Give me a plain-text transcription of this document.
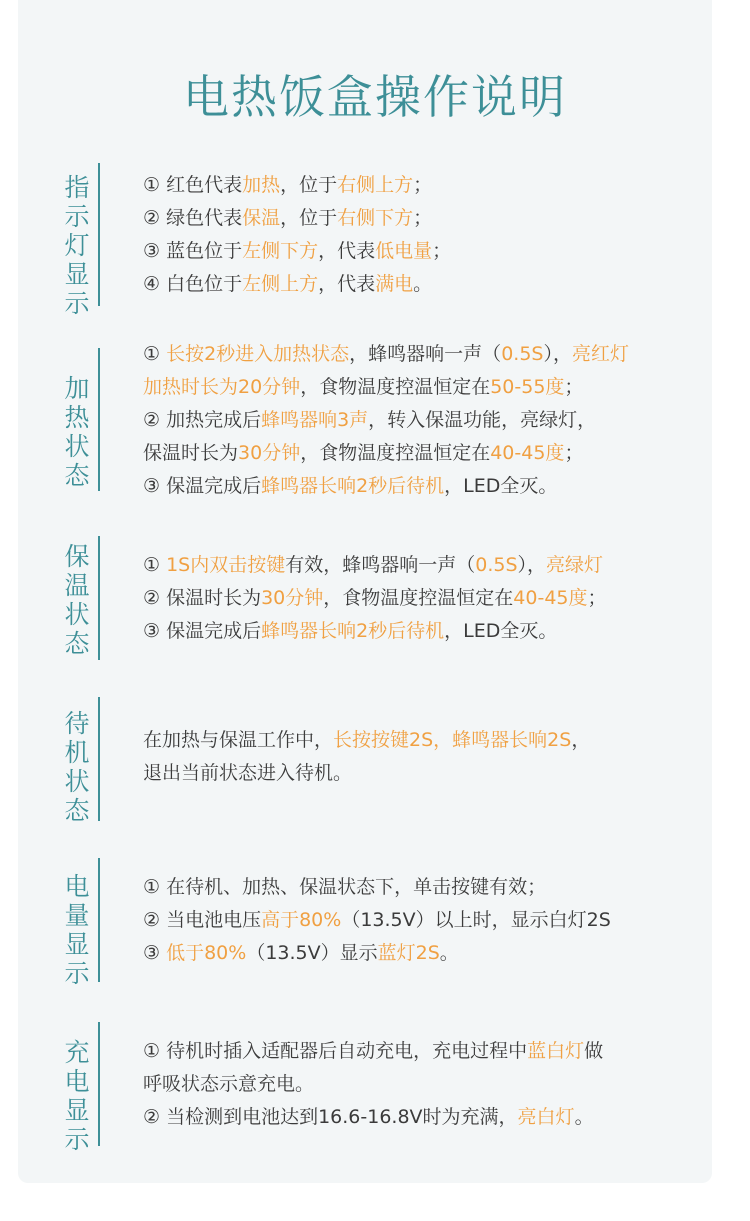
电热饭盒操作说明
指示灯显示
① 红色代表加热，位于右侧上方；
② 绿色代表保温，位于右侧下方；
③ 蓝色位于左侧下方，代表低电量；
④ 白色位于左侧上方，代表满电。
加热状态
① 长按2秒进入加热状态，蜂鸣器响一声（0.5S），亮红灯
加热时长为20分钟，食物温度控温恒定在50-55度；
② 加热完成后蜂鸣器响3声，转入保温功能，亮绿灯，
保温时长为30分钟，食物温度控温恒定在40-45度；
③ 保温完成后蜂鸣器长响2秒后待机，LED全灭。
保温状态
① 1S内双击按键有效，蜂鸣器响一声（0.5S），亮绿灯
② 保温时长为30分钟，食物温度控温恒定在40-45度；
③ 保温完成后蜂鸣器长响2秒后待机，LED全灭。
待机状态
在加热与保温工作中，长按按键2S，蜂鸣器长响2S，
退出当前状态进入待机。
电量显示
① 在待机、加热、保温状态下，单击按键有效；
② 当电池电压高于80%（13.5V）以上时，显示白灯2S
③ 低于80%（13.5V）显示蓝灯2S。
充电显示
① 待机时插入适配器后自动充电，充电过程中蓝白灯做
呼吸状态示意充电。
② 当检测到电池达到16.6-16.8V时为充满，亮白灯。
